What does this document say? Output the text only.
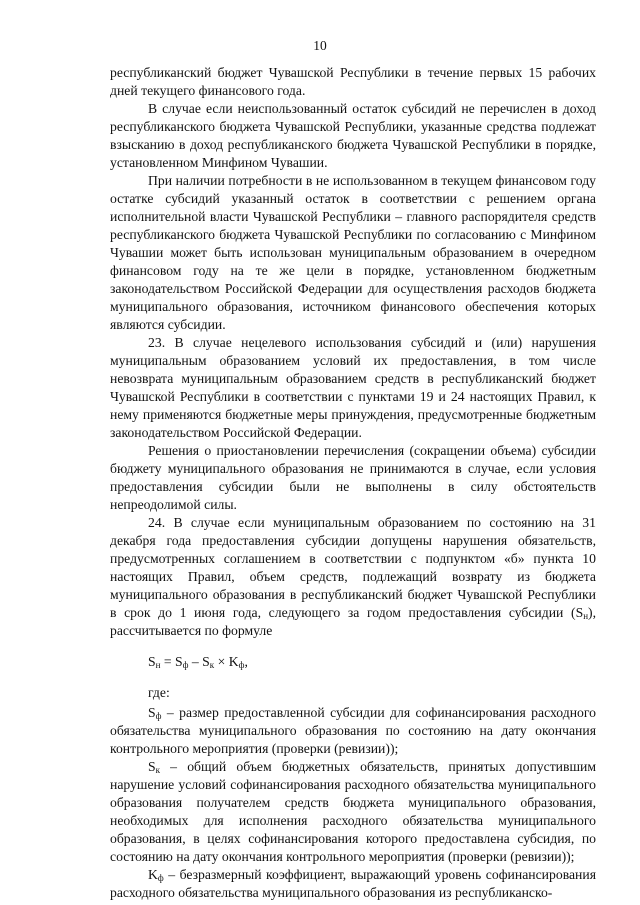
10

республиканский бюджет Чувашской Республики в течение первых 15 рабочих дней текущего финансового года.

В случае если неиспользованный остаток субсидий не перечислен в доход республиканского бюджета Чувашской Республики, указанные средства подлежат взысканию в доход республиканского бюджета Чувашской Республики в порядке, установленном Минфином Чувашии.

При наличии потребности в не использованном в текущем финансовом году остатке субсидий указанный остаток в соответствии с решением органа исполнительной власти Чувашской Республики – главного распорядителя средств республиканского бюджета Чувашской Республики по согласованию с Минфином Чувашии может быть использован муниципальным образованием в очередном финансовом году на те же цели в порядке, установленном бюджетным законодательством Российской Федерации для осуществления расходов бюджета муниципального образования, источником финансового обеспечения которых являются субсидии.

23. В случае нецелевого использования субсидий и (или) нарушения муниципальным образованием условий их предоставления, в том числе невозврата муниципальным образованием средств в республиканский бюджет Чувашской Республики в соответствии с пунктами 19 и 24 настоящих Правил, к нему применяются бюджетные меры принуждения, предусмотренные бюджетным законодательством Российской Федерации.

Решения о приостановлении перечисления (сокращении объема) субсидии бюджету муниципального образования не принимаются в случае, если условия предоставления субсидии были не выполнены в силу обстоятельств непреодолимой силы.

24. В случае если муниципальным образованием по состоянию на 31 декабря года предоставления субсидии допущены нарушения обязательств, предусмотренных соглашением в соответствии с подпунктом «б» пункта 10 настоящих Правил, объем средств, подлежащий возврату из бюджета муниципального образования в республиканский бюджет Чувашской Республики в срок до 1 июня года, следующего за годом предоставления субсидии $(S_н)$, рассчитывается по формуле

$S_н = S_ф - S_к \times K_ф$,

где:

$S_ф$ – размер предоставленной субсидии для софинансирования расходного обязательства муниципального образования по состоянию на дату окончания контрольного мероприятия (проверки (ревизии));

$S_к$ – общий объем бюджетных обязательств, принятых допустившим нарушение условий софинансирования расходного обязательства муниципального образования получателем средств бюджета муниципального образования, необходимых для исполнения расходного обязательства муниципального образования, в целях софинансирования которого предоставлена субсидия, по состоянию на дату окончания контрольного мероприятия (проверки (ревизии));

$K_ф$ – безразмерный коэффициент, выражающий уровень софинансирования расходного обязательства муниципального образования из республиканско-
